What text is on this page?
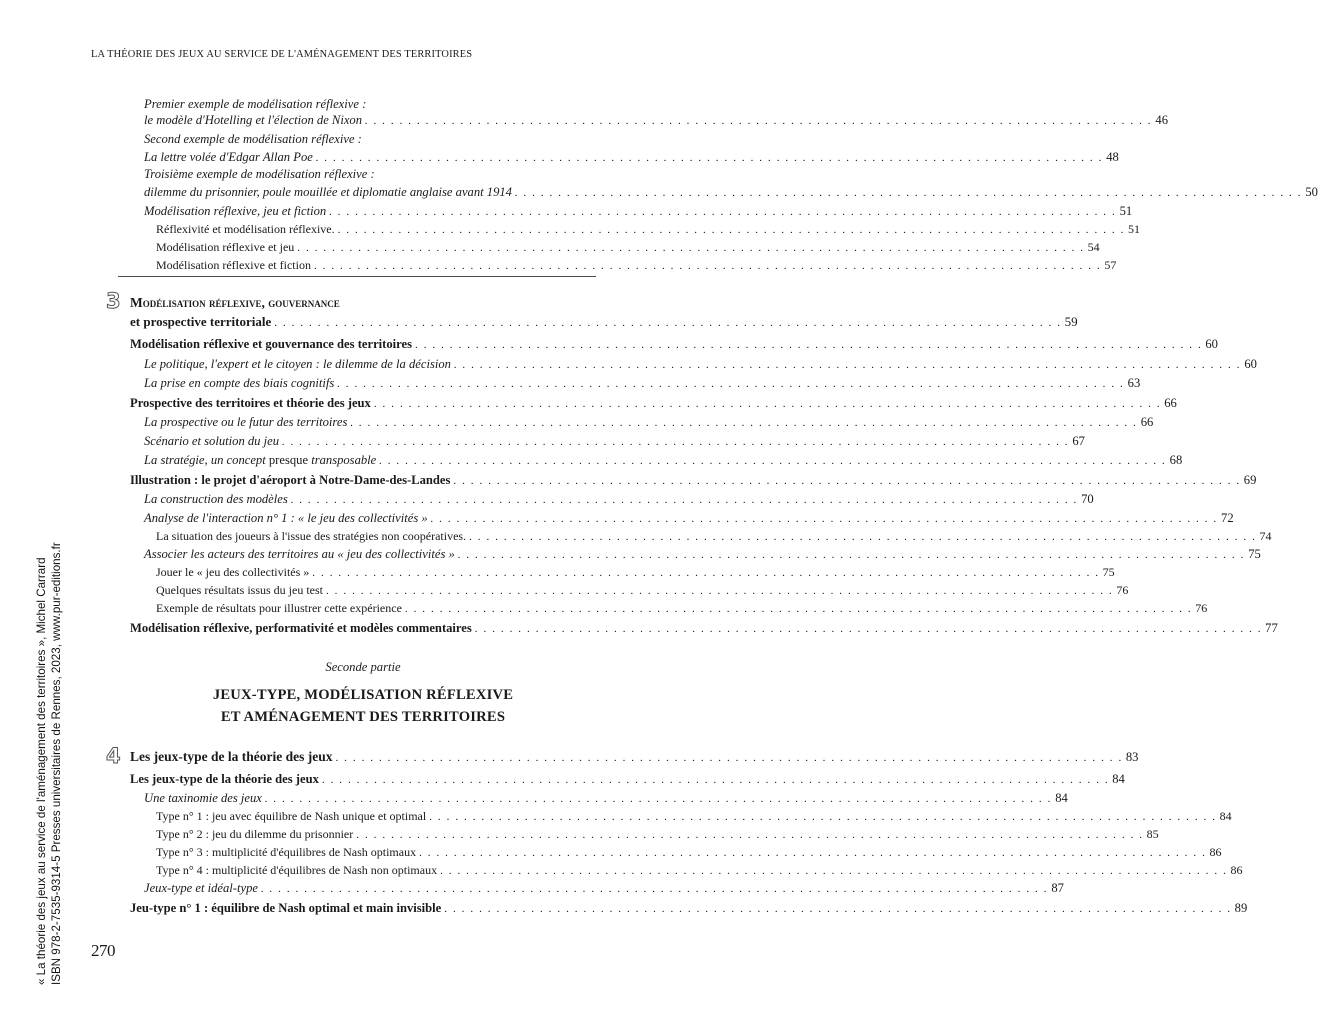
LA THÉORIE DES JEUX AU SERVICE DE L'AMÉNAGEMENT DES TERRITOIRES
Premier exemple de modélisation réflexive :
le modèle d'Hotelling et l'élection de Nixon . . .	46
Second exemple de modélisation réflexive :
La lettre volée d'Edgar Allan Poe . . .	48
Troisième exemple de modélisation réflexive :
dilemme du prisonnier, poule mouillée et diplomatie anglaise avant 1914 . . .	50
Modélisation réflexive, jeu et fiction . . .	51
Réflexivité et modélisation réflexive. . . .	51
Modélisation réflexive et jeu . . .	54
Modélisation réflexive et fiction . . .	57
3 Modélisation réflexive, gouvernance
et prospective territoriale . . .	59
Modélisation réflexive et gouvernance des territoires . . .	60
Le politique, l'expert et le citoyen : le dilemme de la décision . . .	60
La prise en compte des biais cognitifs . . .	63
Prospective des territoires et théorie des jeux . . .	66
La prospective ou le futur des territoires . . .	66
Scénario et solution du jeu . . .	67
La stratégie, un concept presque transposable . . .	68
Illustration : le projet d'aéroport à Notre-Dame-des-Landes . . .	69
La construction des modèles . . .	70
Analyse de l'interaction n° 1 : « le jeu des collectivités » . . .	72
La situation des joueurs à l'issue des stratégies non coopératives. . . .	74
Associer les acteurs des territoires au « jeu des collectivités » . . .	75
Jouer le « jeu des collectivités » . . .	75
Quelques résultats issus du jeu test . . .	76
Exemple de résultats pour illustrer cette expérience . . .	76
Modélisation réflexive, performativité et modèles commentaires . . .	77
Seconde partie
JEUX-TYPE, MODÉLISATION RÉFLEXIVE
ET AMÉNAGEMENT DES TERRITOIRES
4 Les jeux-type de la théorie des jeux . . .	83
Les jeux-type de la théorie des jeux . . .	84
Une taxinomie des jeux . . .	84
Type n° 1 : jeu avec équilibre de Nash unique et optimal . . .	84
Type n° 2 : jeu du dilemme du prisonnier . . .	85
Type n° 3 : multiplicité d'équilibres de Nash optimaux . . .	86
Type n° 4 : multiplicité d'équilibres de Nash non optimaux . . .	86
Jeux-type et idéal-type . . .	87
Jeu-type n° 1 : équilibre de Nash optimal et main invisible . . .	89
270
« La théorie des jeux au service de l'aménagement des territoires », Michel Carrard ISBN 978-2-7535-9314-5 Presses universitaires de Rennes, 2023, www.pur-editions.fr
